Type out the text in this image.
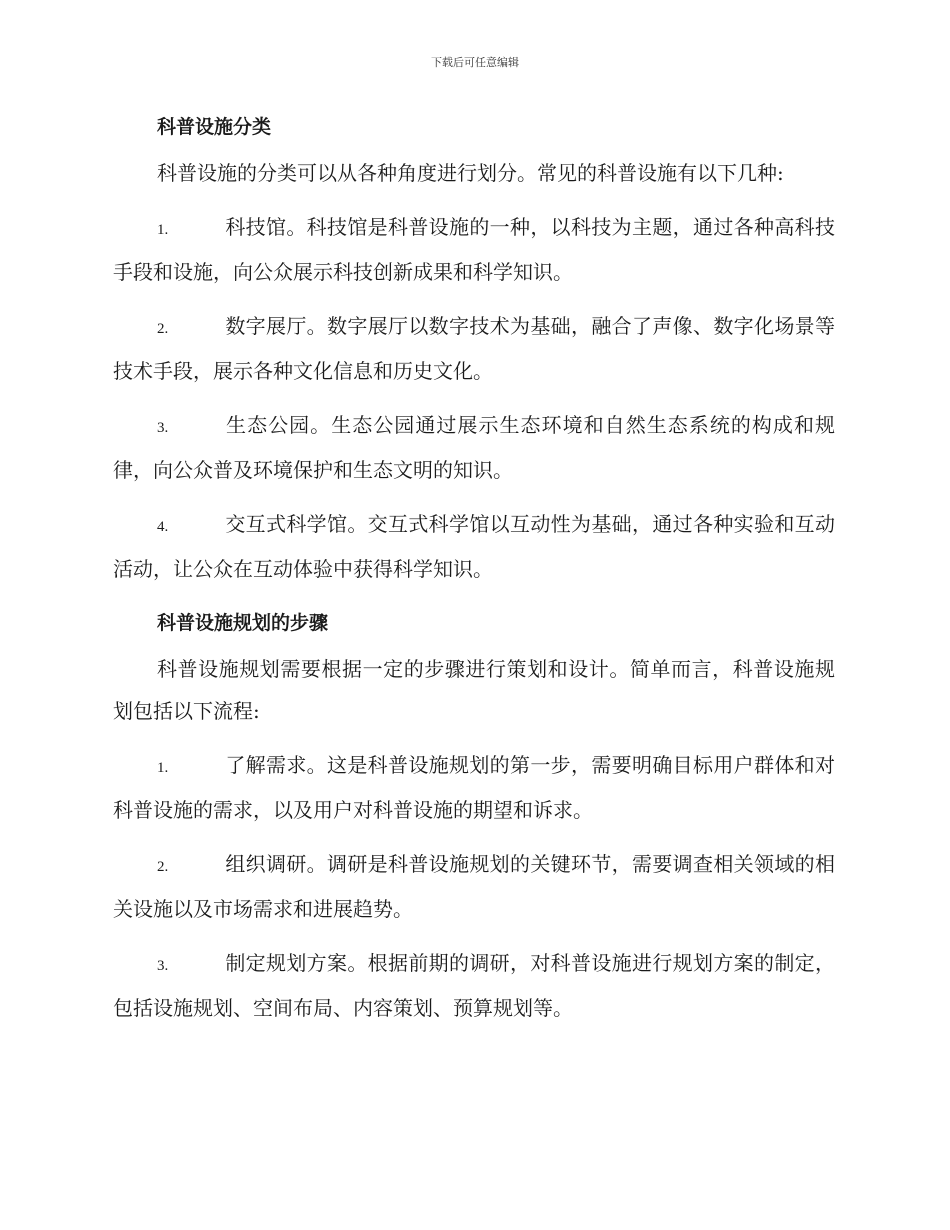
下载后可任意编辑
科普设施分类

科普设施的分类可以从各种角度进行划分。常见的科普设施有以下几种:

1.	科技馆。科技馆是科普设施的一种，以科技为主题，通过各种高科技手段和设施，向公众展示科技创新成果和科学知识。

2.	数字展厅。数字展厅以数字技术为基础，融合了声像、数字化场景等技术手段，展示各种文化信息和历史文化。

3.	生态公园。生态公园通过展示生态环境和自然生态系统的构成和规律，向公众普及环境保护和生态文明的知识。

4.	交互式科学馆。交互式科学馆以互动性为基础，通过各种实验和互动活动，让公众在互动体验中获得科学知识。

科普设施规划的步骤

科普设施规划需要根据一定的步骤进行策划和设计。简单而言，科普设施规划包括以下流程:

1.	了解需求。这是科普设施规划的第一步，需要明确目标用户群体和对科普设施的需求，以及用户对科普设施的期望和诉求。

2.	组织调研。调研是科普设施规划的关键环节，需要调查相关领域的相关设施以及市场需求和进展趋势。

3.	制定规划方案。根据前期的调研，对科普设施进行规划方案的制定，包括设施规划、空间布局、内容策划、预算规划等。
